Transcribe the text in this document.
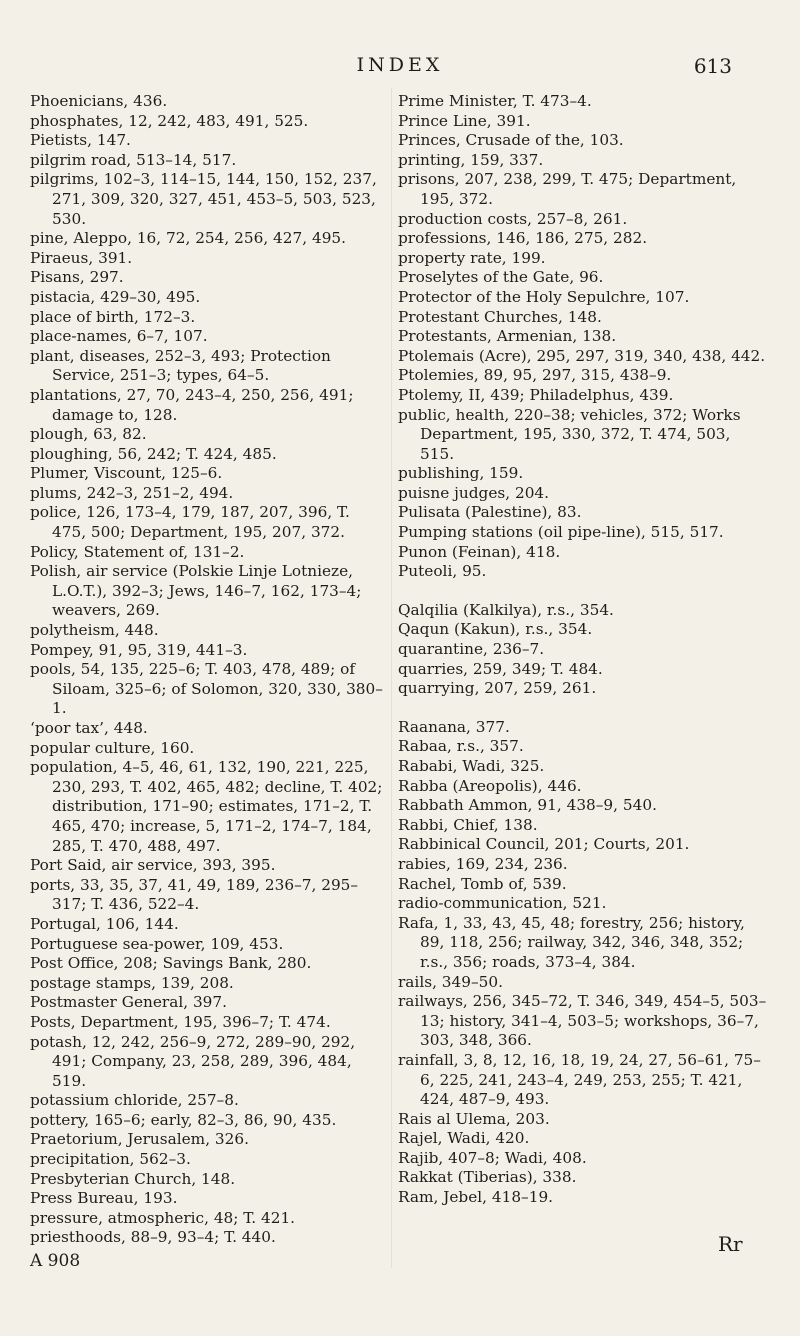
INDEX	613

Phoenicians, 436.

phosphates, 12, 242, 483, 491, 525.

Pietists, 147.

pilgrim road, 513–14, 517.

pilgrims, 102–3, 114–15, 144, 150, 152, 237, 271, 309, 320, 327, 451, 453–5, 503, 523, 530.

pine, Aleppo, 16, 72, 254, 256, 427, 495.

Piraeus, 391.

Pisans, 297.

pistacia, 429–30, 495.

place of birth, 172–3.

place-names, 6–7, 107.

plant, diseases, 252–3, 493; Protection Service, 251–3; types, 64–5.

plantations, 27, 70, 243–4, 250, 256, 491; damage to, 128.

plough, 63, 82.

ploughing, 56, 242; T. 424, 485.

Plumer, Viscount, 125–6.

plums, 242–3, 251–2, 494.

police, 126, 173–4, 179, 187, 207, 396, T. 475, 500; Department, 195, 207, 372.

Policy, Statement of, 131–2.

Polish, air service (Polskie Linje Lotnieze, L.O.T.), 392–3; Jews, 146–7, 162, 173–4; weavers, 269.

polytheism, 448.

Pompey, 91, 95, 319, 441–3.

pools, 54, 135, 225–6; T. 403, 478, 489; of Siloam, 325–6; of Solomon, 320, 330, 380–1.

‘poor tax’, 448.

popular culture, 160.

population, 4–5, 46, 61, 132, 190, 221, 225, 230, 293, T. 402, 465, 482; decline, T. 402; distribution, 171–90; estimates, 171–2, T. 465, 470; increase, 5, 171–2, 174–7, 184, 285, T. 470, 488, 497.

Port Said, air service, 393, 395.

ports, 33, 35, 37, 41, 49, 189, 236–7, 295–317; T. 436, 522–4.

Portugal, 106, 144.

Portuguese sea-power, 109, 453.

Post Office, 208; Savings Bank, 280.

postage stamps, 139, 208.

Postmaster General, 397.

Posts, Department, 195, 396–7; T. 474.

potash, 12, 242, 256–9, 272, 289–90, 292, 491; Company, 23, 258, 289, 396, 484, 519.

potassium chloride, 257–8.

pottery, 165–6; early, 82–3, 86, 90, 435.

Praetorium, Jerusalem, 326.

precipitation, 562–3.

Presbyterian Church, 148.

Press Bureau, 193.

pressure, atmospheric, 48; T. 421.

priesthoods, 88–9, 93–4; T. 440.

A 908

Prime Minister, T. 473–4.

Prince Line, 391.

Princes, Crusade of the, 103.

printing, 159, 337.

prisons, 207, 238, 299, T. 475; Department, 195, 372.

production costs, 257–8, 261.

professions, 146, 186, 275, 282.

property rate, 199.

Proselytes of the Gate, 96.

Protector of the Holy Sepulchre, 107.

Protestant Churches, 148.

Protestants, Armenian, 138.

Ptolemais (Acre), 295, 297, 319, 340, 438, 442.

Ptolemies, 89, 95, 297, 315, 438–9.

Ptolemy, II, 439; Philadelphus, 439.

public, health, 220–38; vehicles, 372; Works Department, 195, 330, 372, T. 474, 503, 515.

publishing, 159.

puisne judges, 204.

Pulisata (Palestine), 83.

Pumping stations (oil pipe-line), 515, 517.

Punon (Feinan), 418.

Puteoli, 95.

Qalqilia (Kalkilya), r.s., 354.

Qaqun (Kakun), r.s., 354.

quarantine, 236–7.

quarries, 259, 349; T. 484.

quarrying, 207, 259, 261.

Raanana, 377.

Rabaa, r.s., 357.

Rababi, Wadi, 325.

Rabba (Areopolis), 446.

Rabbath Ammon, 91, 438–9, 540.

Rabbi, Chief, 138.

Rabbinical Council, 201; Courts, 201.

rabies, 169, 234, 236.

Rachel, Tomb of, 539.

radio-communication, 521.

Rafa, 1, 33, 43, 45, 48; forestry, 256; history, 89, 118, 256; railway, 342, 346, 348, 352; r.s., 356; roads, 373–4, 384.

rails, 349–50.

railways, 256, 345–72, T. 346, 349, 454–5, 503–13; history, 341–4, 503–5; workshops, 36–7, 303, 348, 366.

rainfall, 3, 8, 12, 16, 18, 19, 24, 27, 56–61, 75–6, 225, 241, 243–4, 249, 253, 255; T. 421, 424, 487–9, 493.

Rais al Ulema, 203.

Rajel, Wadi, 420.

Rajib, 407–8; Wadi, 408.

Rakkat (Tiberias), 338.

Ram, Jebel, 418–19.

Rr
